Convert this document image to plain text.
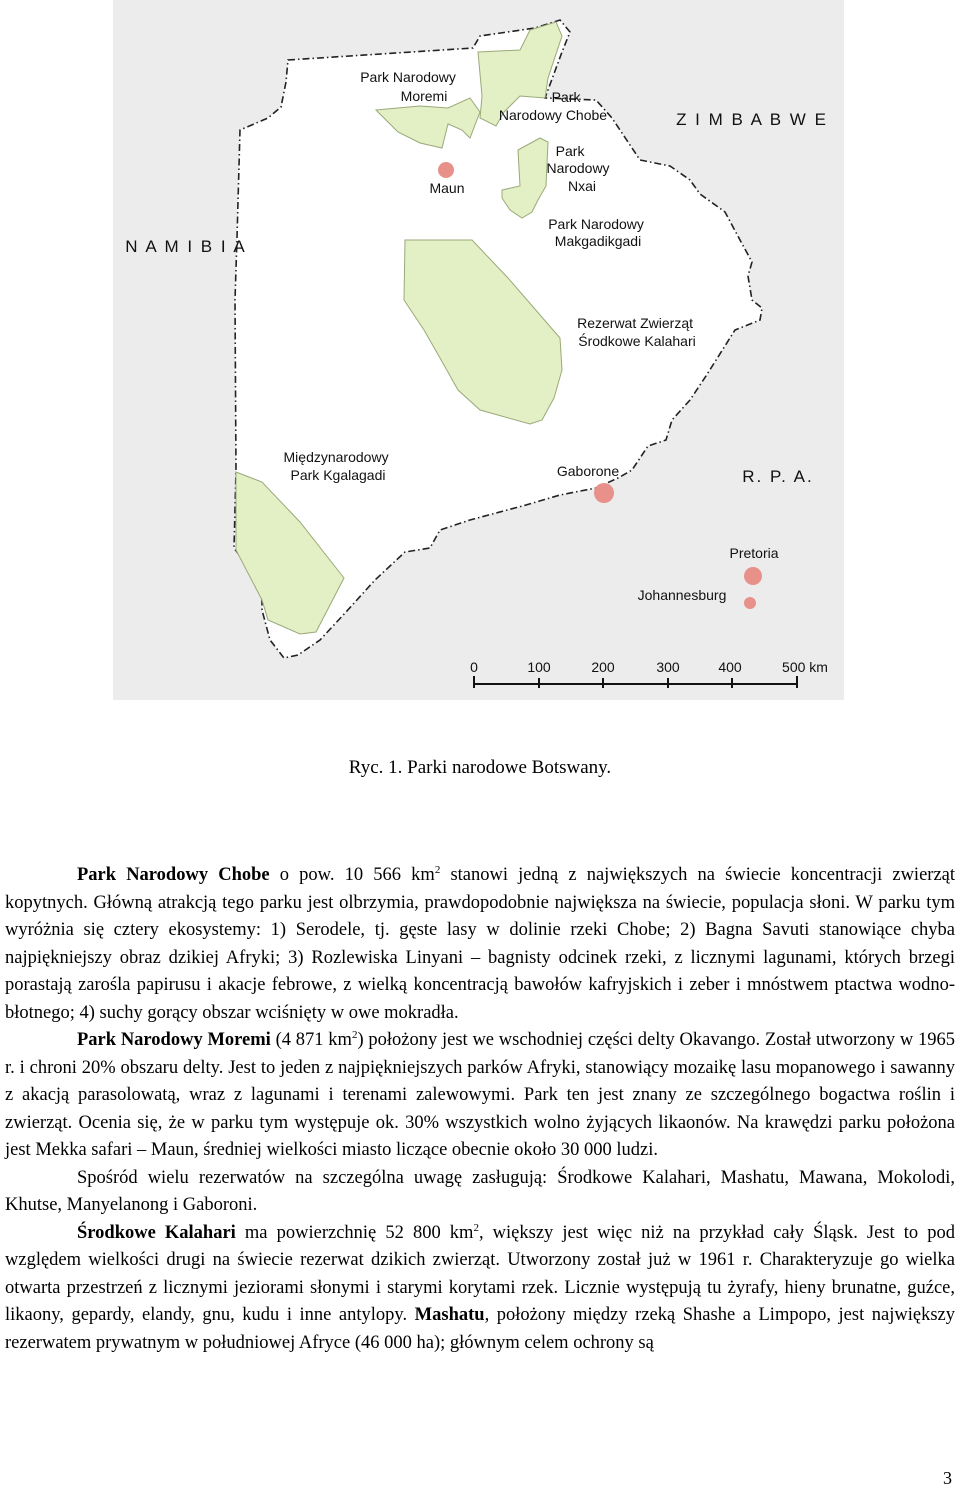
Park Narodowy Moremi	Park Narodowy Chobe
Park Narodowy Nxai
Park Narodowy Makgadikgadi
Rezerwat Zwierząt Środkowe Kalahari
Międzynarodowy Park Kgalagadi
Maun
Gaborone
Pretoria
Johannesburg
N A M I B I A
Z I M B A B W E
R. P. A.
0	100	200	300	400	500 km
Ryc. 1. Parki narodowe Botswany.

Park Narodowy Chobe o pow. 10 566 $km^2$ stanowi jedną z największych na świecie koncentracji zwierząt kopytnych. Główną atrakcją tego parku jest olbrzymia, prawdopodobnie największa na świecie, populacja słoni. W parku tym wyróżnia się cztery ekosystemy: 1) Serodele, tj. gęste lasy w dolinie rzeki Chobe; 2) Bagna Savuti stanowiące chyba najpiękniejszy obraz dzikiej Afryki; 3) Rozlewiska Linyani – bagnisty odcinek rzeki, z licznymi lagunami, których brzegi porastają zarośla papirusu i akacje febrowe, z wielką koncentracją bawołów kafryjskich i zeber i mnóstwem ptactwa wodno-błotnego; 4) suchy gorący obszar wciśnięty w owe mokradła.

Park Narodowy Moremi (4 871 $km^2$) położony jest we wschodniej części delty Okavango. Został utworzony w 1965 r. i chroni 20% obszaru delty. Jest to jeden z najpiękniejszych parków Afryki, stanowiący mozaikę lasu mopanowego i sawanny z akacją parasolowatą, wraz z lagunami i terenami zalewowymi. Park ten jest znany ze szczególnego bogactwa roślin i zwierząt. Ocenia się, że w parku tym występuje ok. 30% wszystkich wolno żyjących likaonów. Na krawędzi parku położona jest Mekka safari – Maun, średniej wielkości miasto liczące obecnie około 30 000 ludzi.

Spośród wielu rezerwatów na szczególna uwagę zasługują: Środkowe Kalahari, Mashatu, Mawana, Mokolodi, Khutse, Manyelanong i Gaboroni.

Środkowe Kalahari ma powierzchnię 52 800 $km^2$, większy jest więc niż na przykład cały Śląsk. Jest to pod względem wielkości drugi na świecie rezerwat dzikich zwierząt. Utworzony został już w 1961 r. Charakteryzuje go wielka otwarta przestrzeń z licznymi jeziorami słonymi i starymi korytami rzek. Licznie występują tu żyrafy, hieny brunatne, guźce, likaony, gepardy, elandy, gnu, kudu i inne antylopy. Mashatu, położony między rzeką Shashe a Limpopo, jest największy rezerwatem prywatnym w południowej Afryce (46 000 ha); głównym celem ochrony są

3
